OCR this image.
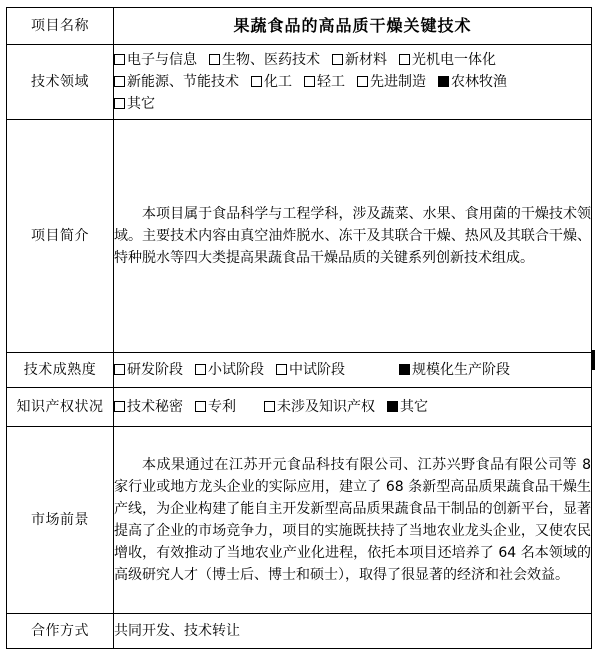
项目名称	果蔬食品的高品质干燥关键技术
技术领域	电子与信息 生物、医药技术 新材料 光机电一体化
新能源、节能技术 化工 轻工 先进制造 农林牧渔
其它

项目简介	本项目属于食品科学与工程学科，涉及蔬菜、水果、食用菌的干燥技术领域。主要技术内容由真空油炸脱水、冻干及其联合干燥、热风及其联合干燥、特种脱水等四大类提高果蔬食品干燥品质的关键系列创新技术组成。

技术成熟度	研发阶段 小试阶段 中试阶段 规模化生产阶段
知识产权状况	技术秘密 专利 未涉及知识产权 其它
市场前景	本成果通过在江苏开元食品科技有限公司、江苏兴野食品有限公司等 8 家行业或地方龙头企业的实际应用，建立了 68 条新型高品质果蔬食品干燥生产线，为企业构建了能自主开发新型高品质果蔬食品干制品的创新平台，显著提高了企业的市场竞争力，项目的实施既扶持了当地农业龙头企业，又使农民增收，有效推动了当地农业产业化进程，依托本项目还培养了 64 名本领域的高级研究人才（博士后、博士和硕士），取得了很显著的经济和社会效益。

合作方式	共同开发、技术转让
